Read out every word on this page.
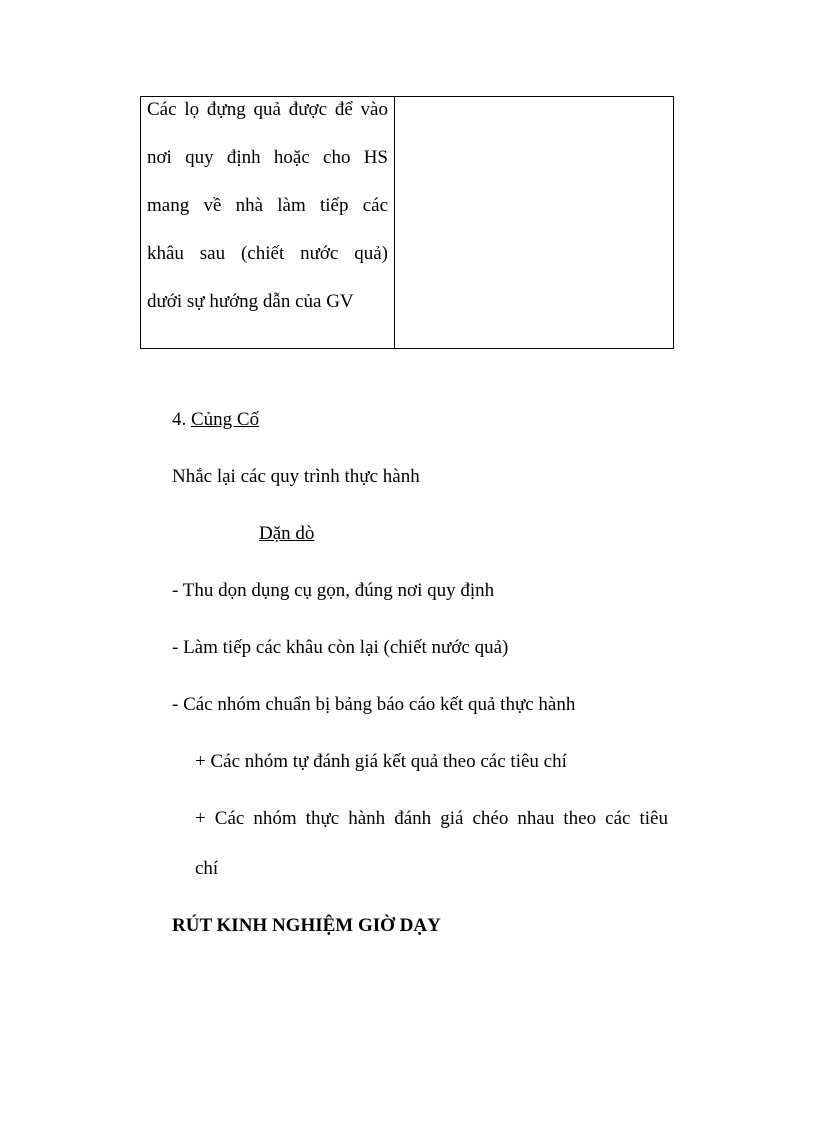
Các lọ đựng quả được để vào
nơi quy định hoặc cho HS
mang về nhà làm tiếp các
khâu sau (chiết nước quả)
dưới sự hướng dẫn của GV
4. Củng Cố
Nhắc lại các quy trình thực hành
Dặn dò
- Thu dọn dụng cụ gọn, đúng nơi quy định
- Làm tiếp các khâu còn lại (chiết nước quả)
- Các nhóm chuẩn bị bảng báo cáo kết quả thực hành
+ Các nhóm tự đánh giá kết quả theo các tiêu chí
+ Các nhóm thực hành đánh giá chéo nhau theo các tiêu
chí
RÚT KINH NGHIỆM GIỜ DẠY
